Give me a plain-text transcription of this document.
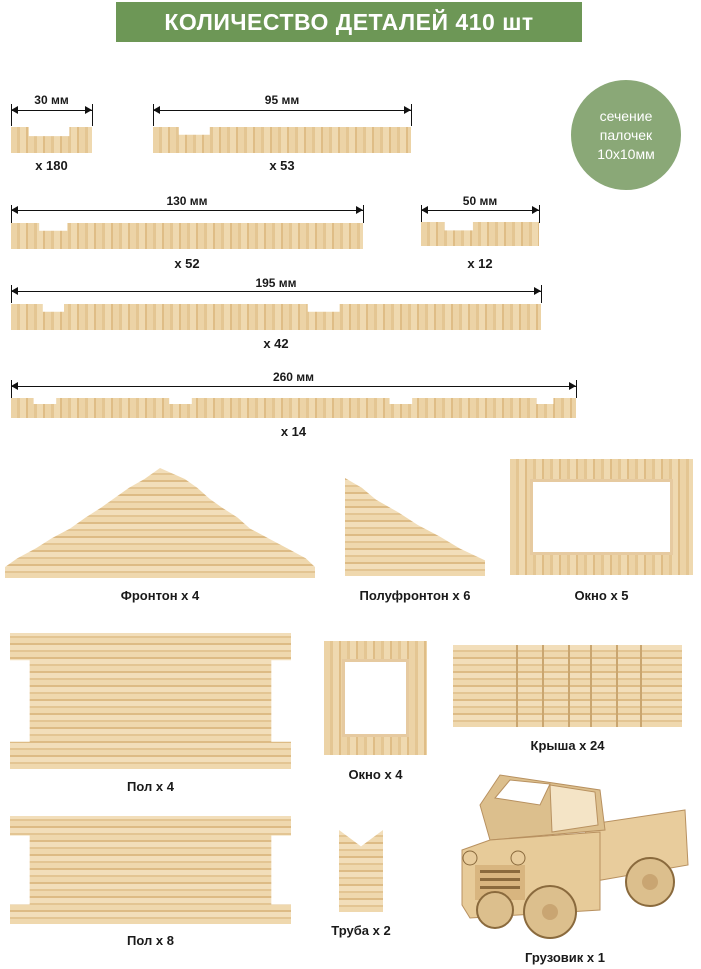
КОЛИЧЕСТВО ДЕТАЛЕЙ 410 шт
сечение
палочек
10х10мм
30 мм
х 180
95 мм
х 53
130 мм
х 52
50 мм
х 12
195 мм
х 42
260 мм
х 14
Фронтон х 4	Полуфронтон х 6	Окно х 5
Пол х 4
Окно х 4
Крыша х 24
Пол х 8
Труба х 2
Грузовик х 1
